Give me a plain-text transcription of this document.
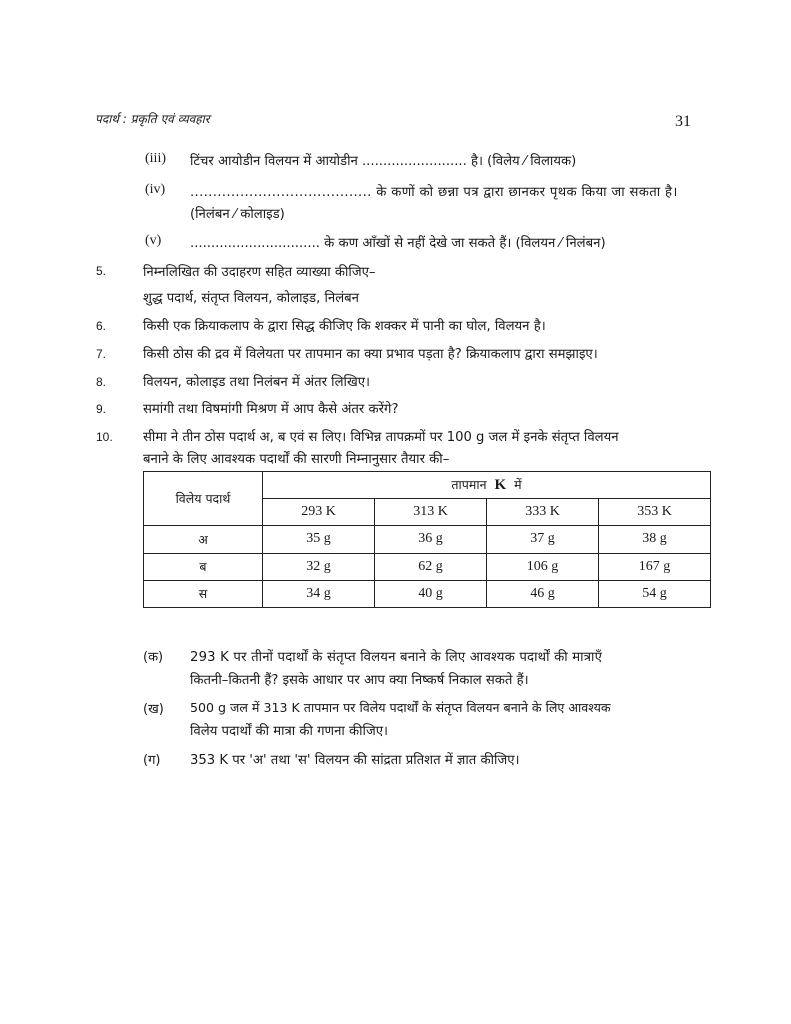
पदार्थ : प्रकृति एवं व्यवहार	31
(iii) टिंचर आयोडीन विलयन में आयोडीन ......................... है। (विलेय ⁄ विलायक)
(iv) ........................................ के कणों को छन्ना पत्र द्वारा छानकर पृथक किया जा सकता है।
(निलंबन ⁄ कोलाइड)
(v) ............................... के कण आँखों से नहीं देखे जा सकते हैं। (विलयन ⁄ निलंबन)
5.	निम्नलिखित की उदाहरण सहित व्याख्या कीजिए–
शुद्ध पदार्थ, संतृप्त विलयन, कोलाइड, निलंबन
6.	किसी एक क्रियाकलाप के द्वारा सिद्ध कीजिए कि शक्कर में पानी का घोल, विलयन है।
7.	किसी ठोस की द्रव में विलेयता पर तापमान का क्या प्रभाव पड़ता है? क्रियाकलाप द्वारा समझाइए।
8.	विलयन, कोलाइड तथा निलंबन में अंतर लिखिए।
9.	समांगी तथा विषमांगी मिश्रण में आप कैसे अंतर करेंगे?
10. सीमा ने तीन ठोस पदार्थ अ, ब एवं स लिए। विभिन्न तापक्रमों पर 100 g जल में इनके संतृप्त विलयन
बनाने के लिए आवश्यक पदार्थों की सारणी निम्नानुसार तैयार की–
विलेय पदार्थ	तापमान K में			
	293 K	313 K	333 K	353 K
अ	35 g	36 g	37 g	38 g
ब	32 g	62 g	106 g	167 g
स	34 g	40 g	46 g	54 g
(क) 293 K पर तीनों पदार्थों के संतृप्त विलयन बनाने के लिए आवश्यक पदार्थों की मात्राएँ
कितनी–कितनी हैं? इसके आधार पर आप क्या निष्कर्ष निकाल सकते हैं।
(ख) 500 g जल में 313 K तापमान पर विलेय पदार्थों के संतृप्त विलयन बनाने के लिए आवश्यक
विलेय पदार्थों की मात्रा की गणना कीजिए।
(ग) 353 K पर 'अ' तथा 'स' विलयन की सांद्रता प्रतिशत में ज्ञात कीजिए।
